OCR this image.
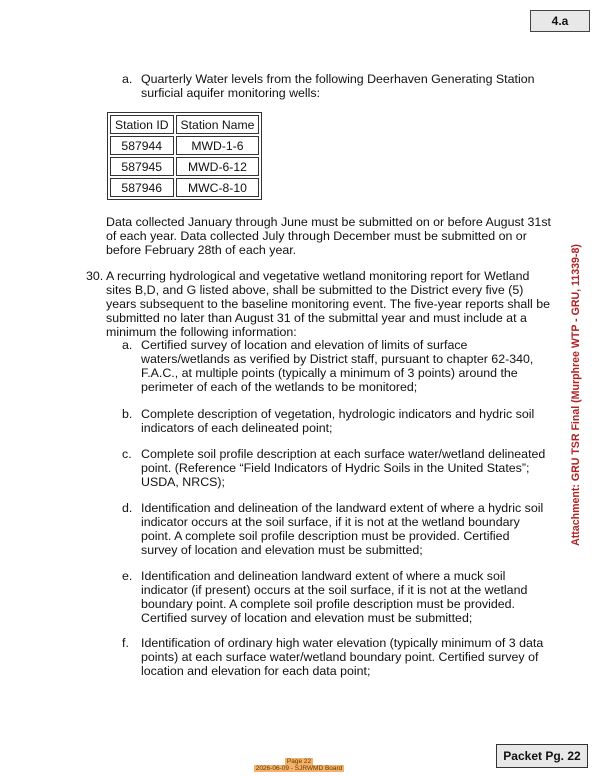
4.a
a. Quarterly Water levels from the following Deerhaven Generating Station

surficial aquifer monitoring wells:

Station ID	Station Name
587944	MWD-1-6
587945	MWD-6-12
587946	MWC-8-10

Data collected January through June must be submitted on or before August 31st

of each year. Data collected July through December must be submitted on or

before February 28th of each year.

30. A recurring hydrological and vegetative wetland monitoring report for Wetland

sites B,D, and G listed above, shall be submitted to the District every five (5)

years subsequent to the baseline monitoring event. The five-year reports shall be

submitted no later than August 31 of the submittal year and must include at a

minimum the following information:

a. Certified survey of location and elevation of limits of surface

waters/wetlands as verified by District staff, pursuant to chapter 62-340,

F.A.C., at multiple points (typically a minimum of 3 points) around the

perimeter of each of the wetlands to be monitored;

b. Complete description of vegetation, hydrologic indicators and hydric soil

indicators of each delineated point;

c. Complete soil profile description at each surface water/wetland delineated

point. (Reference “Field Indicators of Hydric Soils in the United States”;

USDA, NRCS);

d. Identification and delineation of the landward extent of where a hydric soil

indicator occurs at the soil surface, if it is not at the wetland boundary

point. A complete soil profile description must be provided. Certified

survey of location and elevation must be submitted;

e. Identification and delineation landward extent of where a muck soil

indicator (if present) occurs at the soil surface, if it is not at the wetland

boundary point. A complete soil profile description must be provided.

Certified survey of location and elevation must be submitted;

f. Identification of ordinary high water elevation (typically minimum of 3 data

points) at each surface water/wetland boundary point. Certified survey of

location and elevation for each data point;

Attachment: GRU TSR Final (Murphree WTP - GRU, 11339-8)
Packet Pg. 22
Page 22
2026-06-09 - SJRWMD Board
